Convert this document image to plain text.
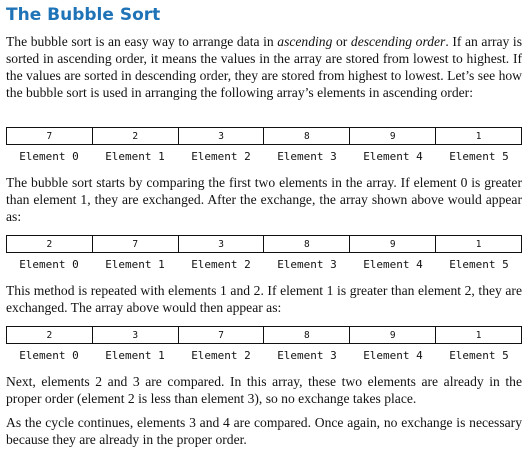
The Bubble Sort

The bubble sort is an easy way to arrange data in ascending or descending order. If an array is sorted in ascending order, it means the values in the array are stored from lowest to highest. If the values are sorted in descending order, they are stored from highest to lowest. Let’s see how the bubble sort is used in arranging the following array’s elements in ascending order:

7	2	3	8	9	1
Element 0	Element 1	Element 2	Element 3	Element 4	Element 5

The bubble sort starts by comparing the first two elements in the array. If element 0 is greater than element 1, they are exchanged. After the exchange, the array shown above would appear as:

2	7	3	8	9	1
Element 0	Element 1	Element 2	Element 3	Element 4	Element 5

This method is repeated with elements 1 and 2. If element 1 is greater than element 2, they are exchanged. The array above would then appear as:

2	3	7	8	9	1
Element 0	Element 1	Element 2	Element 3	Element 4	Element 5

Next, elements 2 and 3 are compared. In this array, these two elements are already in the proper order (element 2 is less than element 3), so no exchange takes place.

As the cycle continues, elements 3 and 4 are compared. Once again, no exchange is necessary because they are already in the proper order.
